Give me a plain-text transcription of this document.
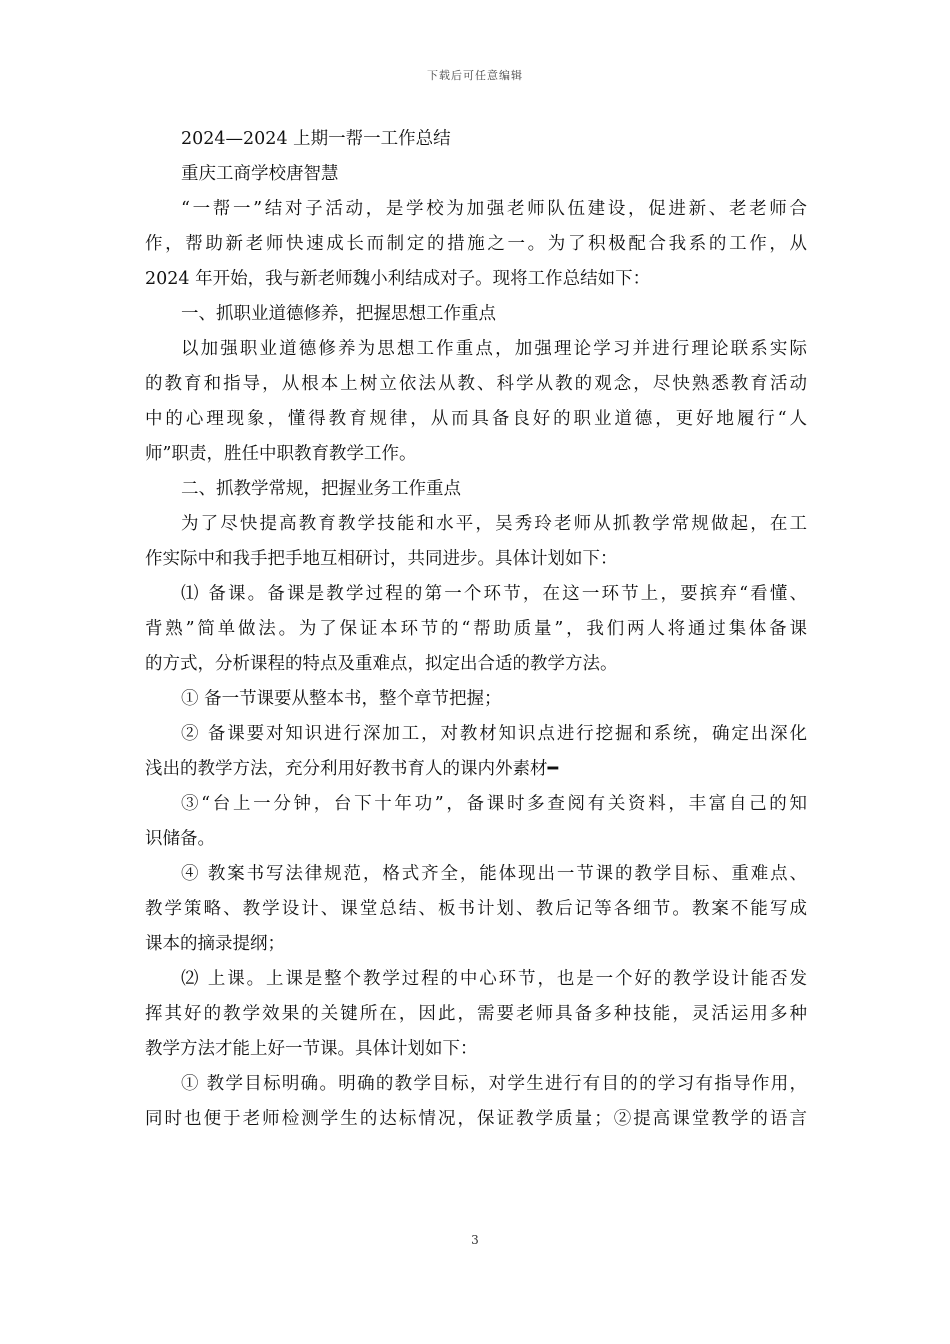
下载后可任意编辑
2024—2024 上期一帮一工作总结
重庆工商学校唐智慧
“一帮一”结对子活动，是学校为加强老师队伍建设，促进新、老老师合
作，帮助新老师快速成长而制定的措施之一。为了积极配合我系的工作，从
2024 年开始，我与新老师魏小利结成对子。现将工作总结如下：
一、抓职业道德修养，把握思想工作重点
以加强职业道德修养为思想工作重点，加强理论学习并进行理论联系实际
的教育和指导，从根本上树立依法从教、科学从教的观念，尽快熟悉教育活动
中的心理现象，懂得教育规律，从而具备良好的职业道德，更好地履行“人
师”职责，胜任中职教育教学工作。
二、抓教学常规，把握业务工作重点
为了尽快提高教育教学技能和水平，吴秀玲老师从抓教学常规做起，在工
作实际中和我手把手地互相研讨，共同进步。具体计划如下：
⑴ 备课。备课是教学过程的第一个环节，在这一环节上，要摈弃“看懂、
背熟”简单做法。为了保证本环节的“帮助质量”，我们两人将通过集体备课
的方式，分析课程的特点及重难点，拟定出合适的教学方法。
① 备一节课要从整本书，整个章节把握；
② 备课要对知识进行深加工，对教材知识点进行挖掘和系统，确定出深化
浅出的教学方法，充分利用好教书育人的课内外素材━
③“台上一分钟，台下十年功”，备课时多查阅有关资料，丰富自己的知
识储备。
④ 教案书写法律规范，格式齐全，能体现出一节课的教学目标、重难点、
教学策略、教学设计、课堂总结、板书计划、教后记等各细节。教案不能写成
课本的摘录提纲；
⑵ 上课。上课是整个教学过程的中心环节，也是一个好的教学设计能否发
挥其好的教学效果的关键所在，因此，需要老师具备多种技能，灵活运用多种
教学方法才能上好一节课。具体计划如下：
① 教学目标明确。明确的教学目标，对学生进行有目的的学习有指导作用，
同时也便于老师检测学生的达标情况，保证教学质量；②提高课堂教学的语言
3
